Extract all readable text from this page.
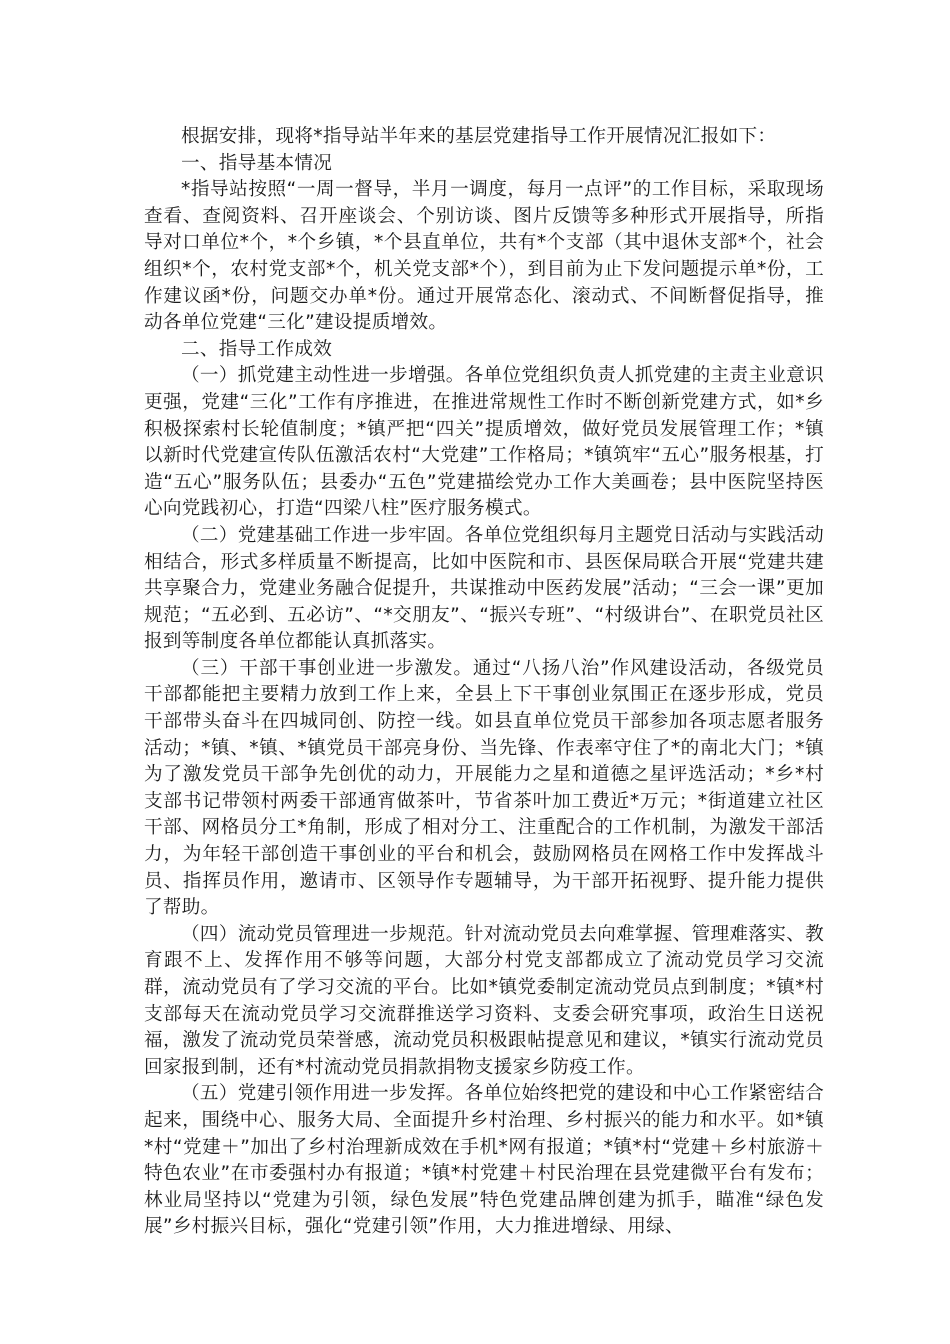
根据安排，现将*指导站半年来的基层党建指导工作开展情况汇报如下：

一、指导基本情况

*指导站按照“一周一督导，半月一调度，每月一点评”的工作目标，采取现场查看、查阅资料、召开座谈会、个别访谈、图片反馈等多种形式开展指导，所指导对口单位*个，*个乡镇，*个县直单位，共有*个支部（其中退休支部*个，社会组织*个，农村党支部*个，机关党支部*个），到目前为止下发问题提示单*份，工作建议函*份，问题交办单*份。通过开展常态化、滚动式、不间断督促指导，推动各单位党建“三化”建设提质增效。

二、指导工作成效

（一）抓党建主动性进一步增强。各单位党组织负责人抓党建的主责主业意识更强，党建“三化”工作有序推进，在推进常规性工作时不断创新党建方式，如*乡积极探索村长轮值制度；*镇严把“四关”提质增效，做好党员发展管理工作；*镇以新时代党建宣传队伍激活农村“大党建”工作格局；*镇筑牢“五心”服务根基，打造“五心”服务队伍；县委办“五色”党建描绘党办工作大美画卷；县中医院坚持医心向党践初心，打造“四梁八柱”医疗服务模式。

（二）党建基础工作进一步牢固。各单位党组织每月主题党日活动与实践活动相结合，形式多样质量不断提高，比如中医院和市、县医保局联合开展“党建共建共享聚合力，党建业务融合促提升，共谋推动中医药发展”活动；“三会一课”更加规范；“五必到、五必访”、“*交朋友”、“振兴专班”、“村级讲台”、在职党员社区报到等制度各单位都能认真抓落实。

（三）干部干事创业进一步激发。通过“八扬八治”作风建设活动，各级党员干部都能把主要精力放到工作上来，全县上下干事创业氛围正在逐步形成，党员干部带头奋斗在四城同创、防控一线。如县直单位党员干部参加各项志愿者服务活动；*镇、*镇、*镇党员干部亮身份、当先锋、作表率守住了*的南北大门；*镇为了激发党员干部争先创优的动力，开展能力之星和道德之星评选活动；*乡*村支部书记带领村两委干部通宵做茶叶，节省茶叶加工费近*万元；*街道建立社区干部、网格员分工*角制，形成了相对分工、注重配合的工作机制，为激发干部活力，为年轻干部创造干事创业的平台和机会，鼓励网格员在网格工作中发挥战斗员、指挥员作用，邀请市、区领导作专题辅导，为干部开拓视野、提升能力提供了帮助。

（四）流动党员管理进一步规范。针对流动党员去向难掌握、管理难落实、教育跟不上、发挥作用不够等问题，大部分村党支部都成立了流动党员学习交流群，流动党员有了学习交流的平台。比如*镇党委制定流动党员点到制度；*镇*村支部每天在流动党员学习交流群推送学习资料、支委会研究事项，政治生日送祝福，激发了流动党员荣誉感，流动党员积极跟帖提意见和建议，*镇实行流动党员回家报到制，还有*村流动党员捐款捐物支援家乡防疫工作。

（五）党建引领作用进一步发挥。各单位始终把党的建设和中心工作紧密结合起来，围绕中心、服务大局、全面提升乡村治理、乡村振兴的能力和水平。如*镇*村“党建＋”加出了乡村治理新成效在手机*网有报道；*镇*村“党建＋乡村旅游＋特色农业”在市委强村办有报道；*镇*村党建＋村民治理在县党建微平台有发布；林业局坚持以“党建为引领，绿色发展”特色党建品牌创建为抓手，瞄准“绿色发展”乡村振兴目标，强化“党建引领”作用，大力推进增绿、用绿、
